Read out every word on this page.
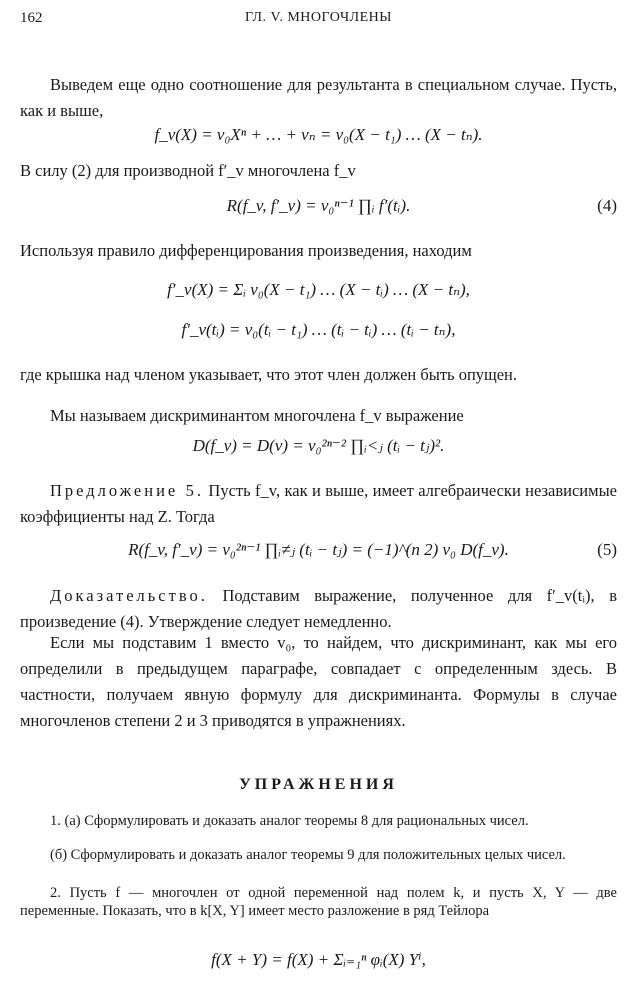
162	ГЛ. V. МНОГОЧЛЕНЫ
Выведем еще одно соотношение для результанта в специальном случае. Пусть, как и выше,
f_v(X) = v₀Xⁿ + … + vₙ = v₀(X − t₁) … (X − tₙ).
В силу (2) для производной f′_v многочлена f_v
R(f_v, f′_v) = v₀ⁿ⁻¹ ∏ᵢ f′(tᵢ).	(4)
Используя правило дифференцирования произведения, находим
f′_v(X) = Σᵢ v₀(X − t₁) … (X − tᵢ) … (X − tₙ),
f′_v(tᵢ) = v₀(tᵢ − t₁) … (tᵢ − tᵢ) … (tᵢ − tₙ),
где крышка над членом указывает, что этот член должен быть опущен.
Мы называем дискриминантом многочлена f_v выражение
D(f_v) = D(v) = v₀²ⁿ⁻² ∏ᵢ<ⱼ (tᵢ − tⱼ)².
Предложение 5. Пусть f_v, как и выше, имеет алгебраически независимые коэффициенты над Z. Тогда
R(f_v, f′_v) = v₀²ⁿ⁻¹ ∏ᵢ≠ⱼ (tᵢ − tⱼ) = (−1)^(n 2) v₀ D(f_v).	(5)
Доказательство. Подставим выражение, полученное для f′_v(tᵢ), в произведение (4). Утверждение следует немедленно.
Если мы подставим 1 вместо v₀, то найдем, что дискриминант, как мы его определили в предыдущем параграфе, совпадает с определенным здесь. В частности, получаем явную формулу для дискриминанта. Формулы в случае многочленов степени 2 и 3 приводятся в упражнениях.
УПРАЖНЕНИЯ
1. (а) Сформулировать и доказать аналог теоремы 8 для рациональных чисел.
(б) Сформулировать и доказать аналог теоремы 9 для положительных целых чисел.
2. Пусть f — многочлен от одной переменной над полем k, и пусть X, Y — две переменные. Показать, что в k[X, Y] имеет место разложение в ряд Тейлора
f(X + Y) = f(X) + Σᵢ₌₁ⁿ φᵢ(X) Yⁱ,
